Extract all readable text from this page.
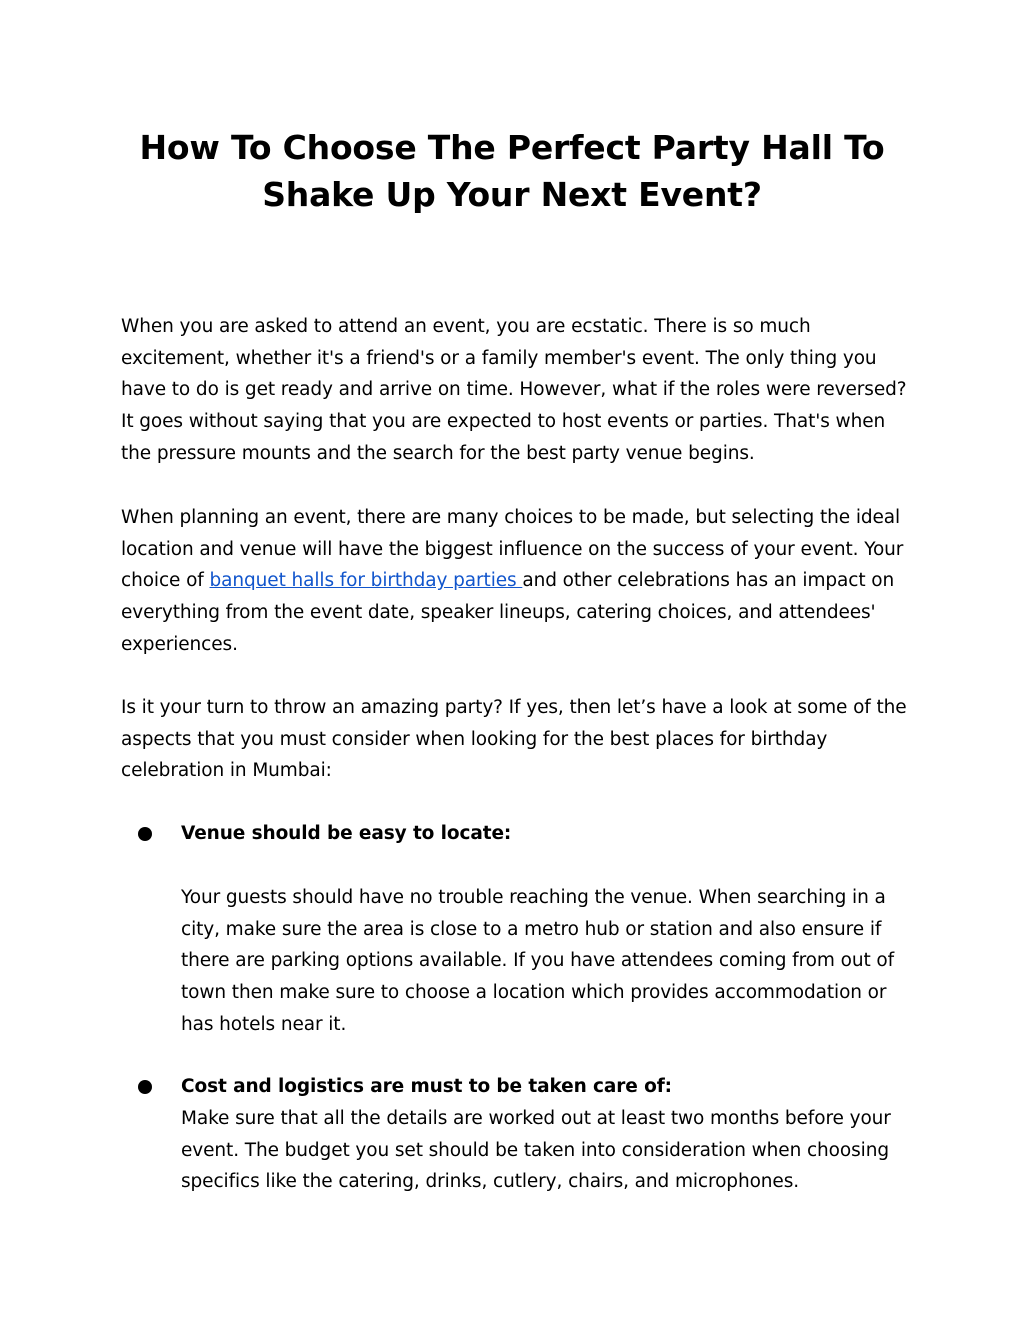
How To Choose The Perfect Party Hall To Shake Up Your Next Event?

When you are asked to attend an event, you are ecstatic. There is so much excitement, whether it's a friend's or a family member's event. The only thing you have to do is get ready and arrive on time. However, what if the roles were reversed? It goes without saying that you are expected to host events or parties. That's when the pressure mounts and the search for the best party venue begins.

When planning an event, there are many choices to be made, but selecting the ideal location and venue will have the biggest influence on the success of your event. Your choice of banquet halls for birthday parties and other celebrations has an impact on everything from the event date, speaker lineups, catering choices, and attendees' experiences.

Is it your turn to throw an amazing party? If yes, then let’s have a look at some of the aspects that you must consider when looking for the best places for birthday celebration in Mumbai:

Venue should be easy to locate:

Your guests should have no trouble reaching the venue. When searching in a city, make sure the area is close to a metro hub or station and also ensure if there are parking options available. If you have attendees coming from out of town then make sure to choose a location which provides accommodation or has hotels near it.

Cost and logistics are must to be taken care of:

Make sure that all the details are worked out at least two months before your event. The budget you set should be taken into consideration when choosing specifics like the catering, drinks, cutlery, chairs, and microphones.
